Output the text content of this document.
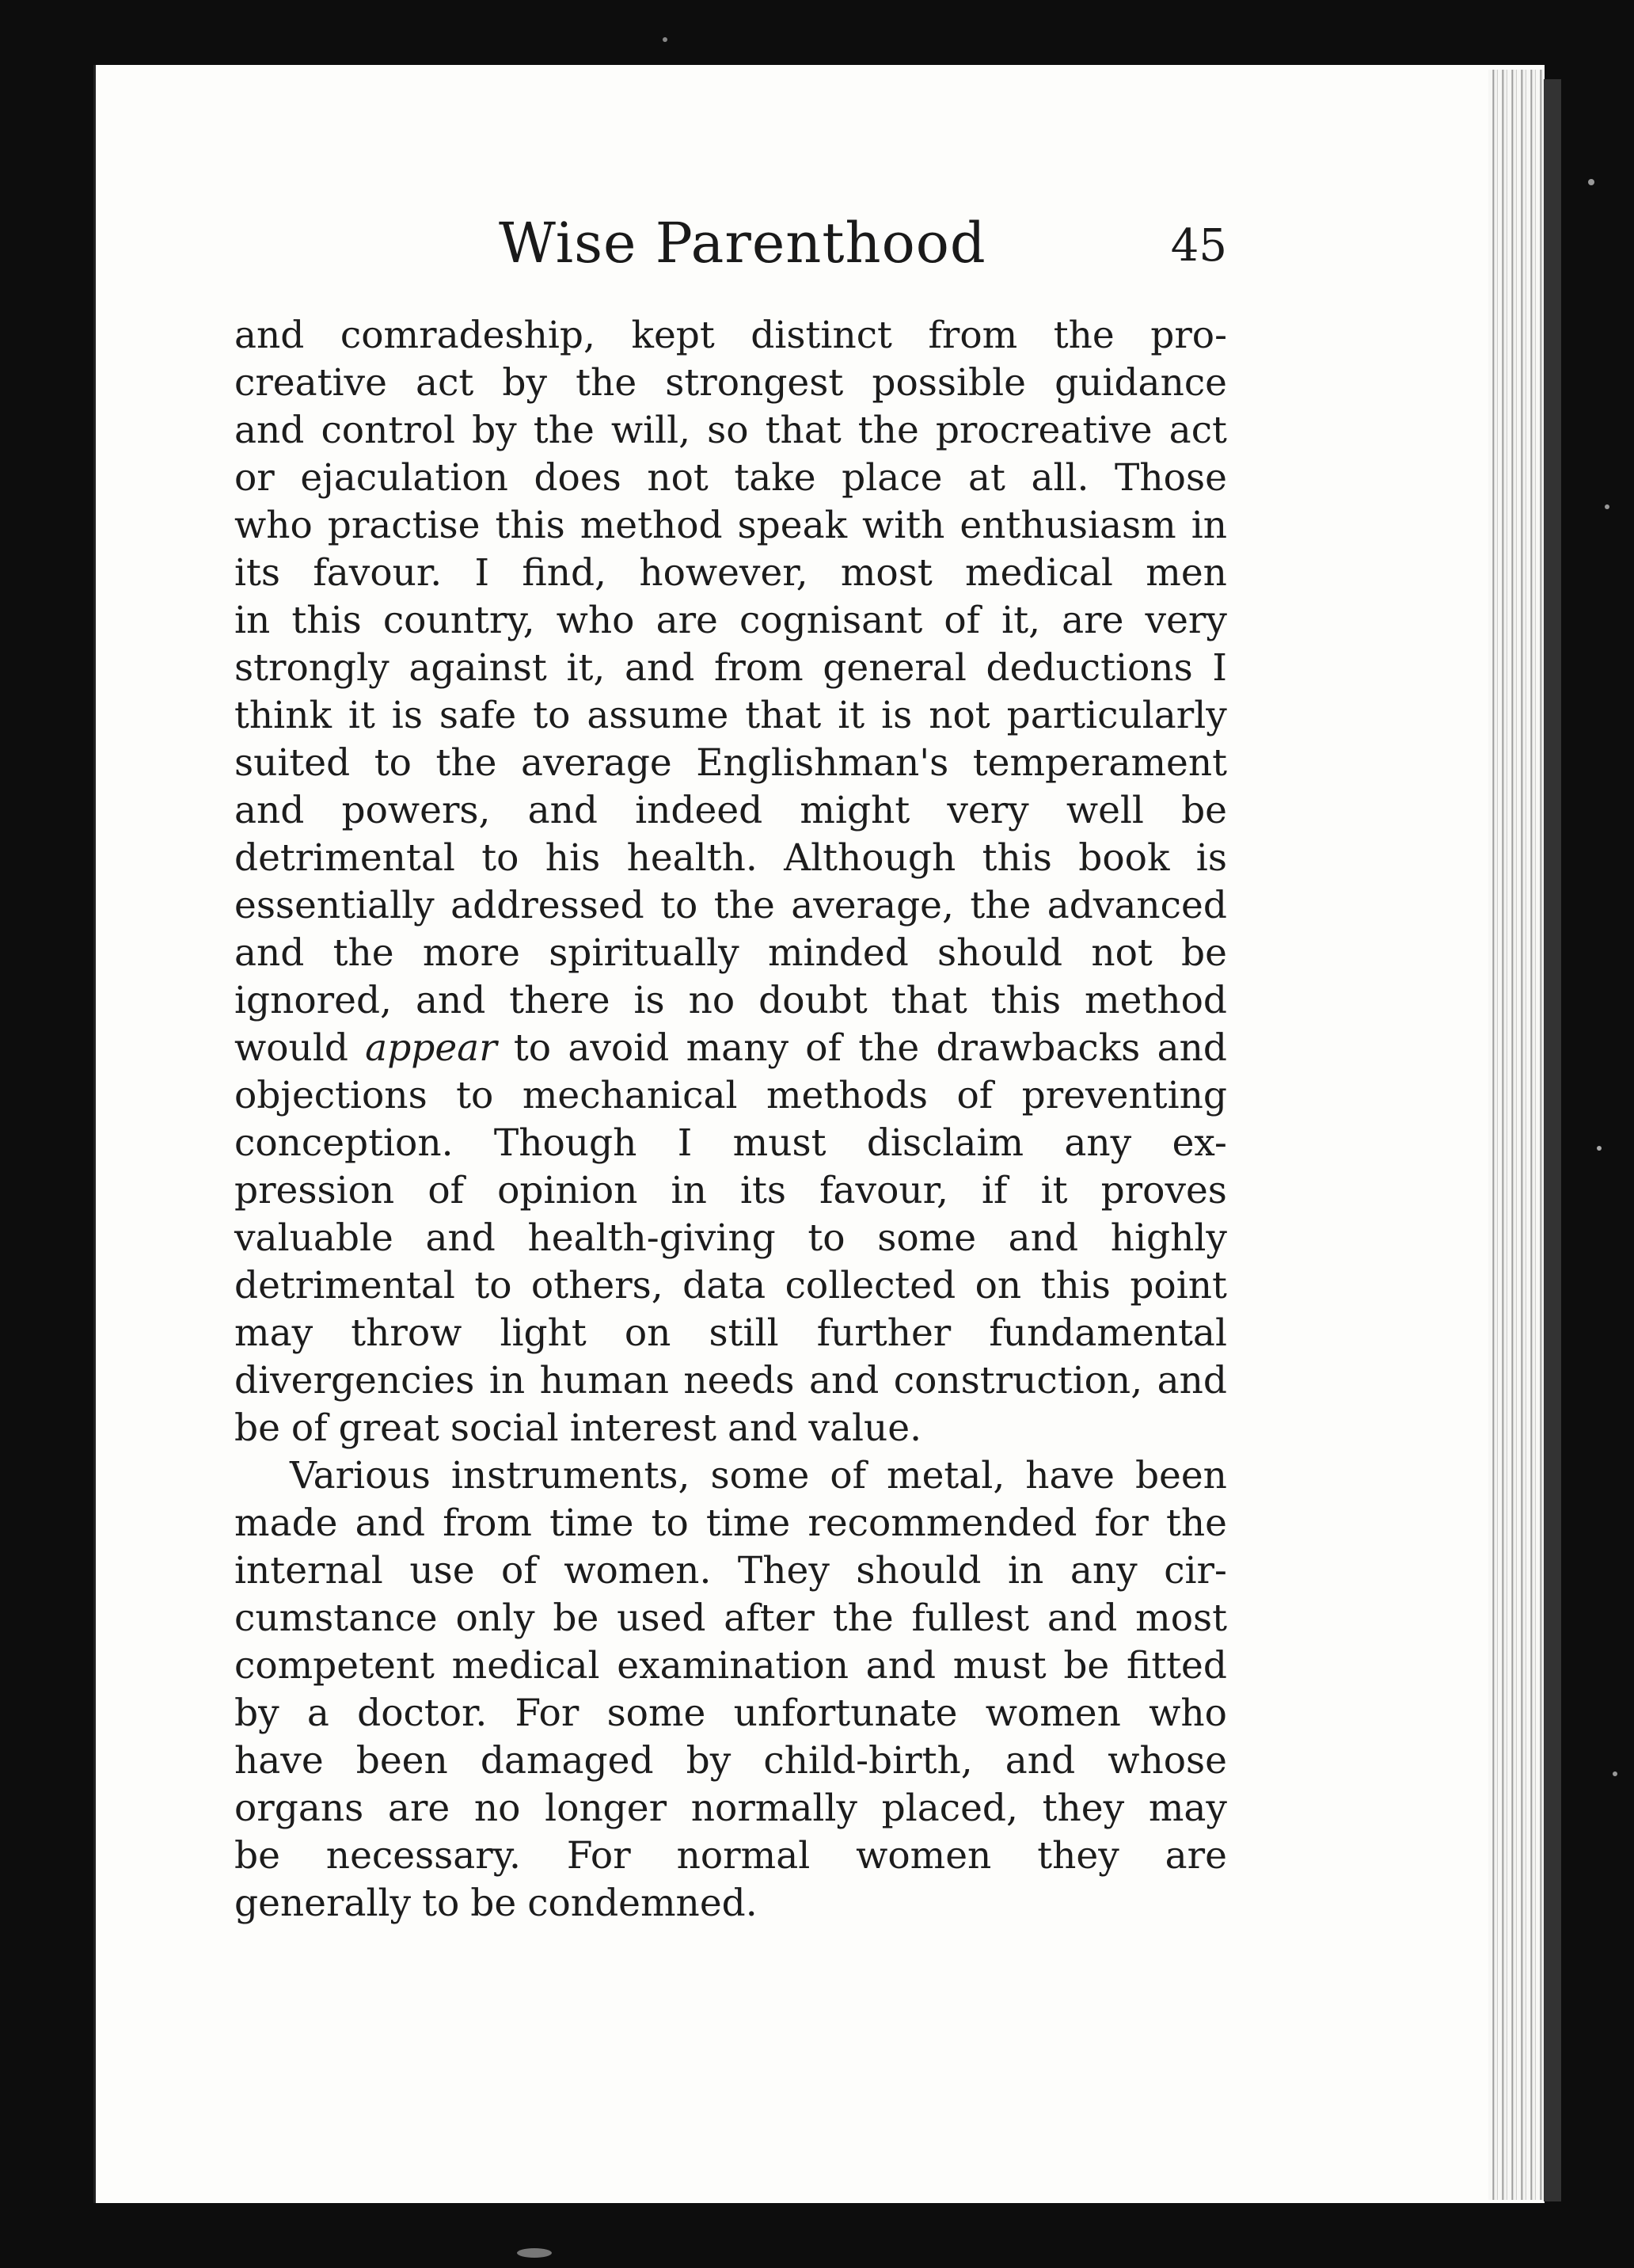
Wise Parenthood	45
and comradeship, kept distinct from the pro-
creative act by the strongest possible guidance
and control by the will, so that the procreative act
or ejaculation does not take place at all. Those
who practise this method speak with enthusiasm in
its favour. I find, however, most medical men
in this country, who are cognisant of it, are very
strongly against it, and from general deductions I
think it is safe to assume that it is not particularly
suited to the average Englishman's temperament
and powers, and indeed might very well be
detrimental to his health. Although this book is
essentially addressed to the average, the advanced
and the more spiritually minded should not be
ignored, and there is no doubt that this method
would appear to avoid many of the drawbacks and
objections to mechanical methods of preventing
conception. Though I must disclaim any ex-
pression of opinion in its favour, if it proves
valuable and health-giving to some and highly
detrimental to others, data collected on this point
may throw light on still further fundamental
divergencies in human needs and construction, and
be of great social interest and value.
Various instruments, some of metal, have been
made and from time to time recommended for the
internal use of women. They should in any cir-
cumstance only be used after the fullest and most
competent medical examination and must be fitted
by a doctor. For some unfortunate women who
have been damaged by child-birth, and whose
organs are no longer normally placed, they may
be necessary. For normal women they are
generally to be condemned.
